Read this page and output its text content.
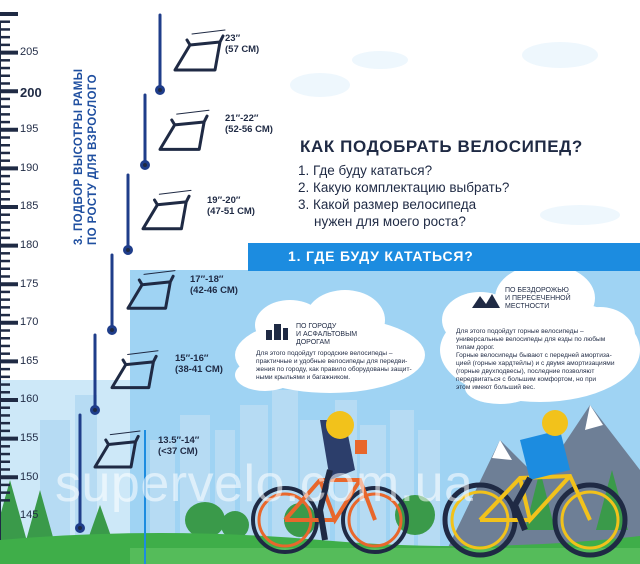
205
200
195
190
185
180
175
170
165
160
155
150
145
3. ПОДБОР ВЫСОТРЫ РАМЫ ПО РОСТУ ДЛЯ ВЗРОСЛОГО
23″
(57 СМ)
21″-22″
(52-56 СМ)
19″-20″
(47-51 СМ)
17″-18″
(42-46 СМ)
15″-16″
(38-41 СМ)
13.5″-14″
(<37 СМ)
КАК ПОДОБРАТЬ ВЕЛОСИПЕД?
1. Где буду кататься?
2. Какую комплектацию выбрать?
3. Какой размер велосипеда
нужен для моего роста?
1. ГДЕ БУДУ КАТАТЬСЯ?
ПО ГОРОДУ
И АСФАЛЬТОВЫМ
ДОРОГАМ
Для этого подойдут городские велосипеды –
практичные и удобные велосипеды для передви-
жения по городу, как правило оборудованы защит-
ными крыльями и багажником.
ПО БЕЗДОРОЖЬЮ
И ПЕРЕСЕЧЕННОЙ
МЕСТНОСТИ
Для этого подойдут горные велосипеды –
универсальные велосипеды для езды по любым
типам дорог.
Горные велосипеды бывают с передней амортиза-
цией (горные хардтейлы) и с двумя амортизациями
(горные двухподвесы), последние позволяют
передвигаться с большим комфортом, но при
этом имеют больший вес.
supervelo.com.ua
